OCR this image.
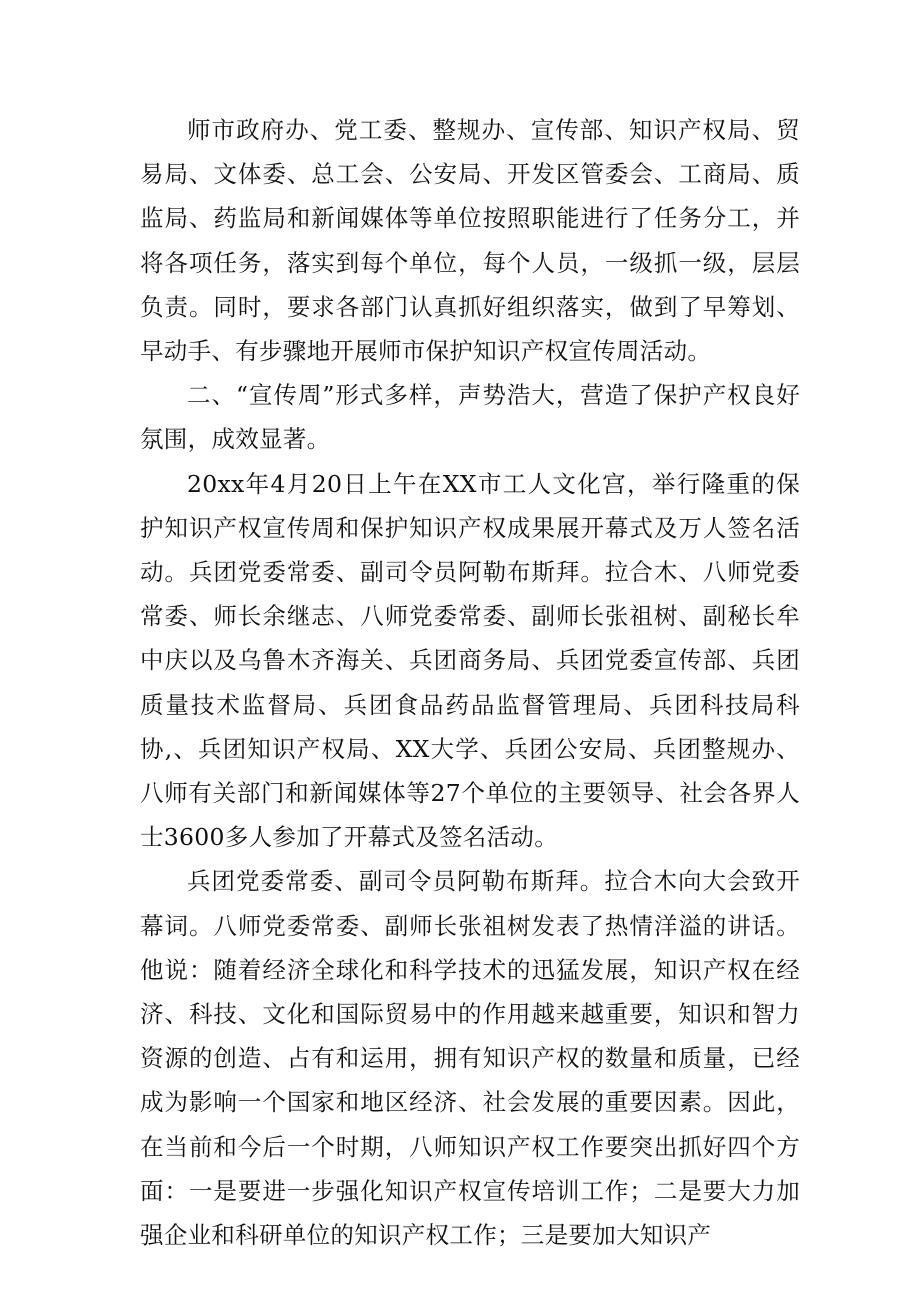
师市政府办、党工委、整规办、宣传部、知识产权局、贸易局、文体委、总工会、公安局、开发区管委会、工商局、质监局、药监局和新闻媒体等单位按照职能进行了任务分工，并将各项任务，落实到每个单位，每个人员，一级抓一级，层层负责。同时，要求各部门认真抓好组织落实，做到了早筹划、早动手、有步骤地开展师市保护知识产权宣传周活动。

二、“宣传周”形式多样，声势浩大，营造了保护产权良好氛围，成效显著。

20xx年4月20日上午在XX市工人文化宫，举行隆重的保护知识产权宣传周和保护知识产权成果展开幕式及万人签名活动。兵团党委常委、副司令员阿勒布斯拜。拉合木、八师党委常委、师长余继志、八师党委常委、副师长张祖树、副秘长牟中庆以及乌鲁木齐海关、兵团商务局、兵团党委宣传部、兵团质量技术监督局、兵团食品药品监督管理局、兵团科技局科协,、兵团知识产权局、XX大学、兵团公安局、兵团整规办、八师有关部门和新闻媒体等27个单位的主要领导、社会各界人士3600多人参加了开幕式及签名活动。

兵团党委常委、副司令员阿勒布斯拜。拉合木向大会致开幕词。八师党委常委、副师长张祖树发表了热情洋溢的讲话。他说：随着经济全球化和科学技术的迅猛发展，知识产权在经济、科技、文化和国际贸易中的作用越来越重要，知识和智力资源的创造、占有和运用，拥有知识产权的数量和质量，已经成为影响一个国家和地区经济、社会发展的重要因素。因此，在当前和今后一个时期，八师知识产权工作要突出抓好四个方面：一是要进一步强化知识产权宣传培训工作；二是要大力加强企业和科研单位的知识产权工作；三是要加大知识产
